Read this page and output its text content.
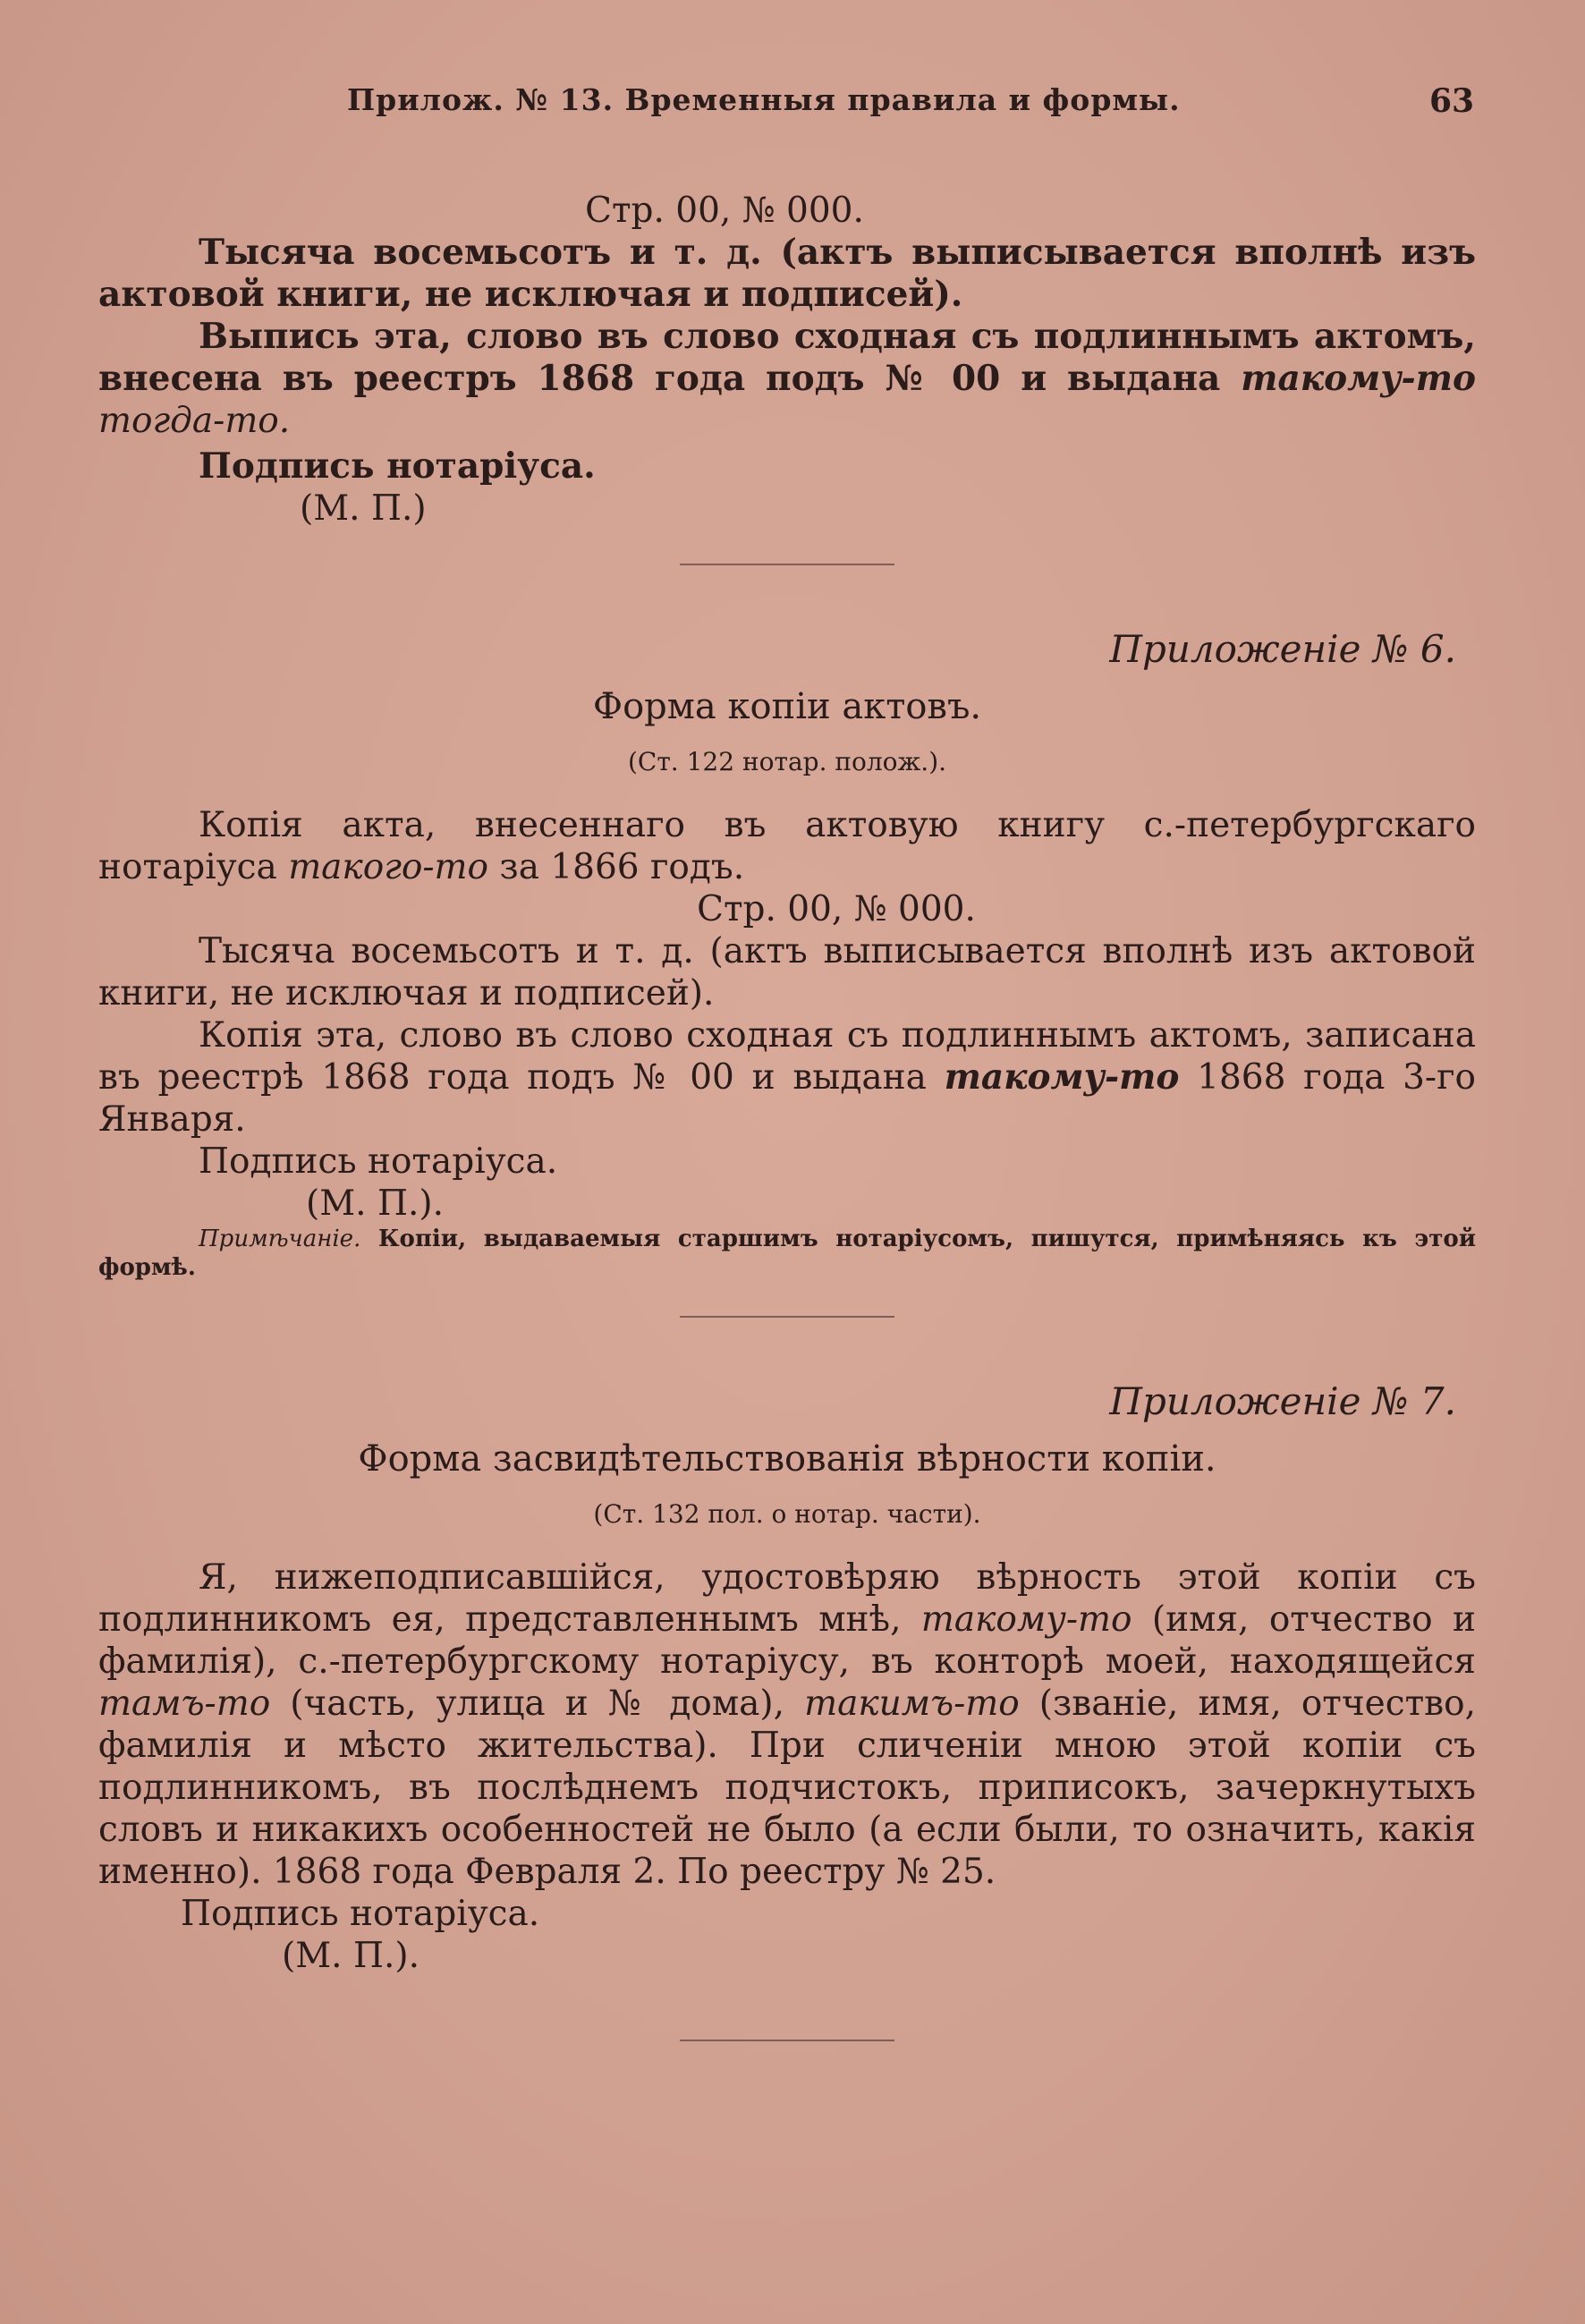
Прилож. № 13. Временныя правила и формы.	63

Стр. 00, № 000.

Тысяча восемьсотъ и т. д. (актъ выписывается вполнѣ изъ актовой книги, не исключая и подписей).

Выпись эта, слово въ слово сходная съ подлиннымъ актомъ, внесена въ реестръ 1868 года подъ № 00 и выдана такому-то тогда-то.

Подпись нотаріуса.

(М. П.)

Приложеніе № 6.

Форма копіи актовъ.

(Ст. 122 нотар. полож.).

Копія акта, внесеннаго въ актовую книгу с.-петербургскаго нотаріуса такого-то за 1866 годъ.

Стр. 00, № 000.

Тысяча восемьсотъ и т. д. (актъ выписывается вполнѣ изъ актовой книги, не исключая и подписей).

Копія эта, слово въ слово сходная съ подлиннымъ актомъ, записана въ реестрѣ 1868 года подъ № 00 и выдана такому-то 1868 года 3-го Января.

Подпись нотаріуса.

(М. П.).

Примѣчаніе. Копіи, выдаваемыя старшимъ нотаріусомъ, пишутся, примѣняясь къ этой формѣ.

Приложеніе № 7.

Форма засвидѣтельствованія вѣрности копіи.

(Ст. 132 пол. о нотар. части).

Я, нижеподписавшійся, удостовѣряю вѣрность этой копіи съ подлинникомъ ея, представленнымъ мнѣ, такому-то (имя, отчество и фамилія), с.-петербургскому нотаріусу, въ конторѣ моей, находящейся тамъ-то (часть, улица и № дома), такимъ-то (званіе, имя, отчество, фамилія и мѣсто жительства). При сличеніи мною этой копіи съ подлинникомъ, въ послѣднемъ подчистокъ, приписокъ, зачеркнутыхъ словъ и никакихъ особенностей не было (а если были, то означить, какія именно). 1868 года Февраля 2. По реестру № 25.

Подпись нотаріуса.

(М. П.).
